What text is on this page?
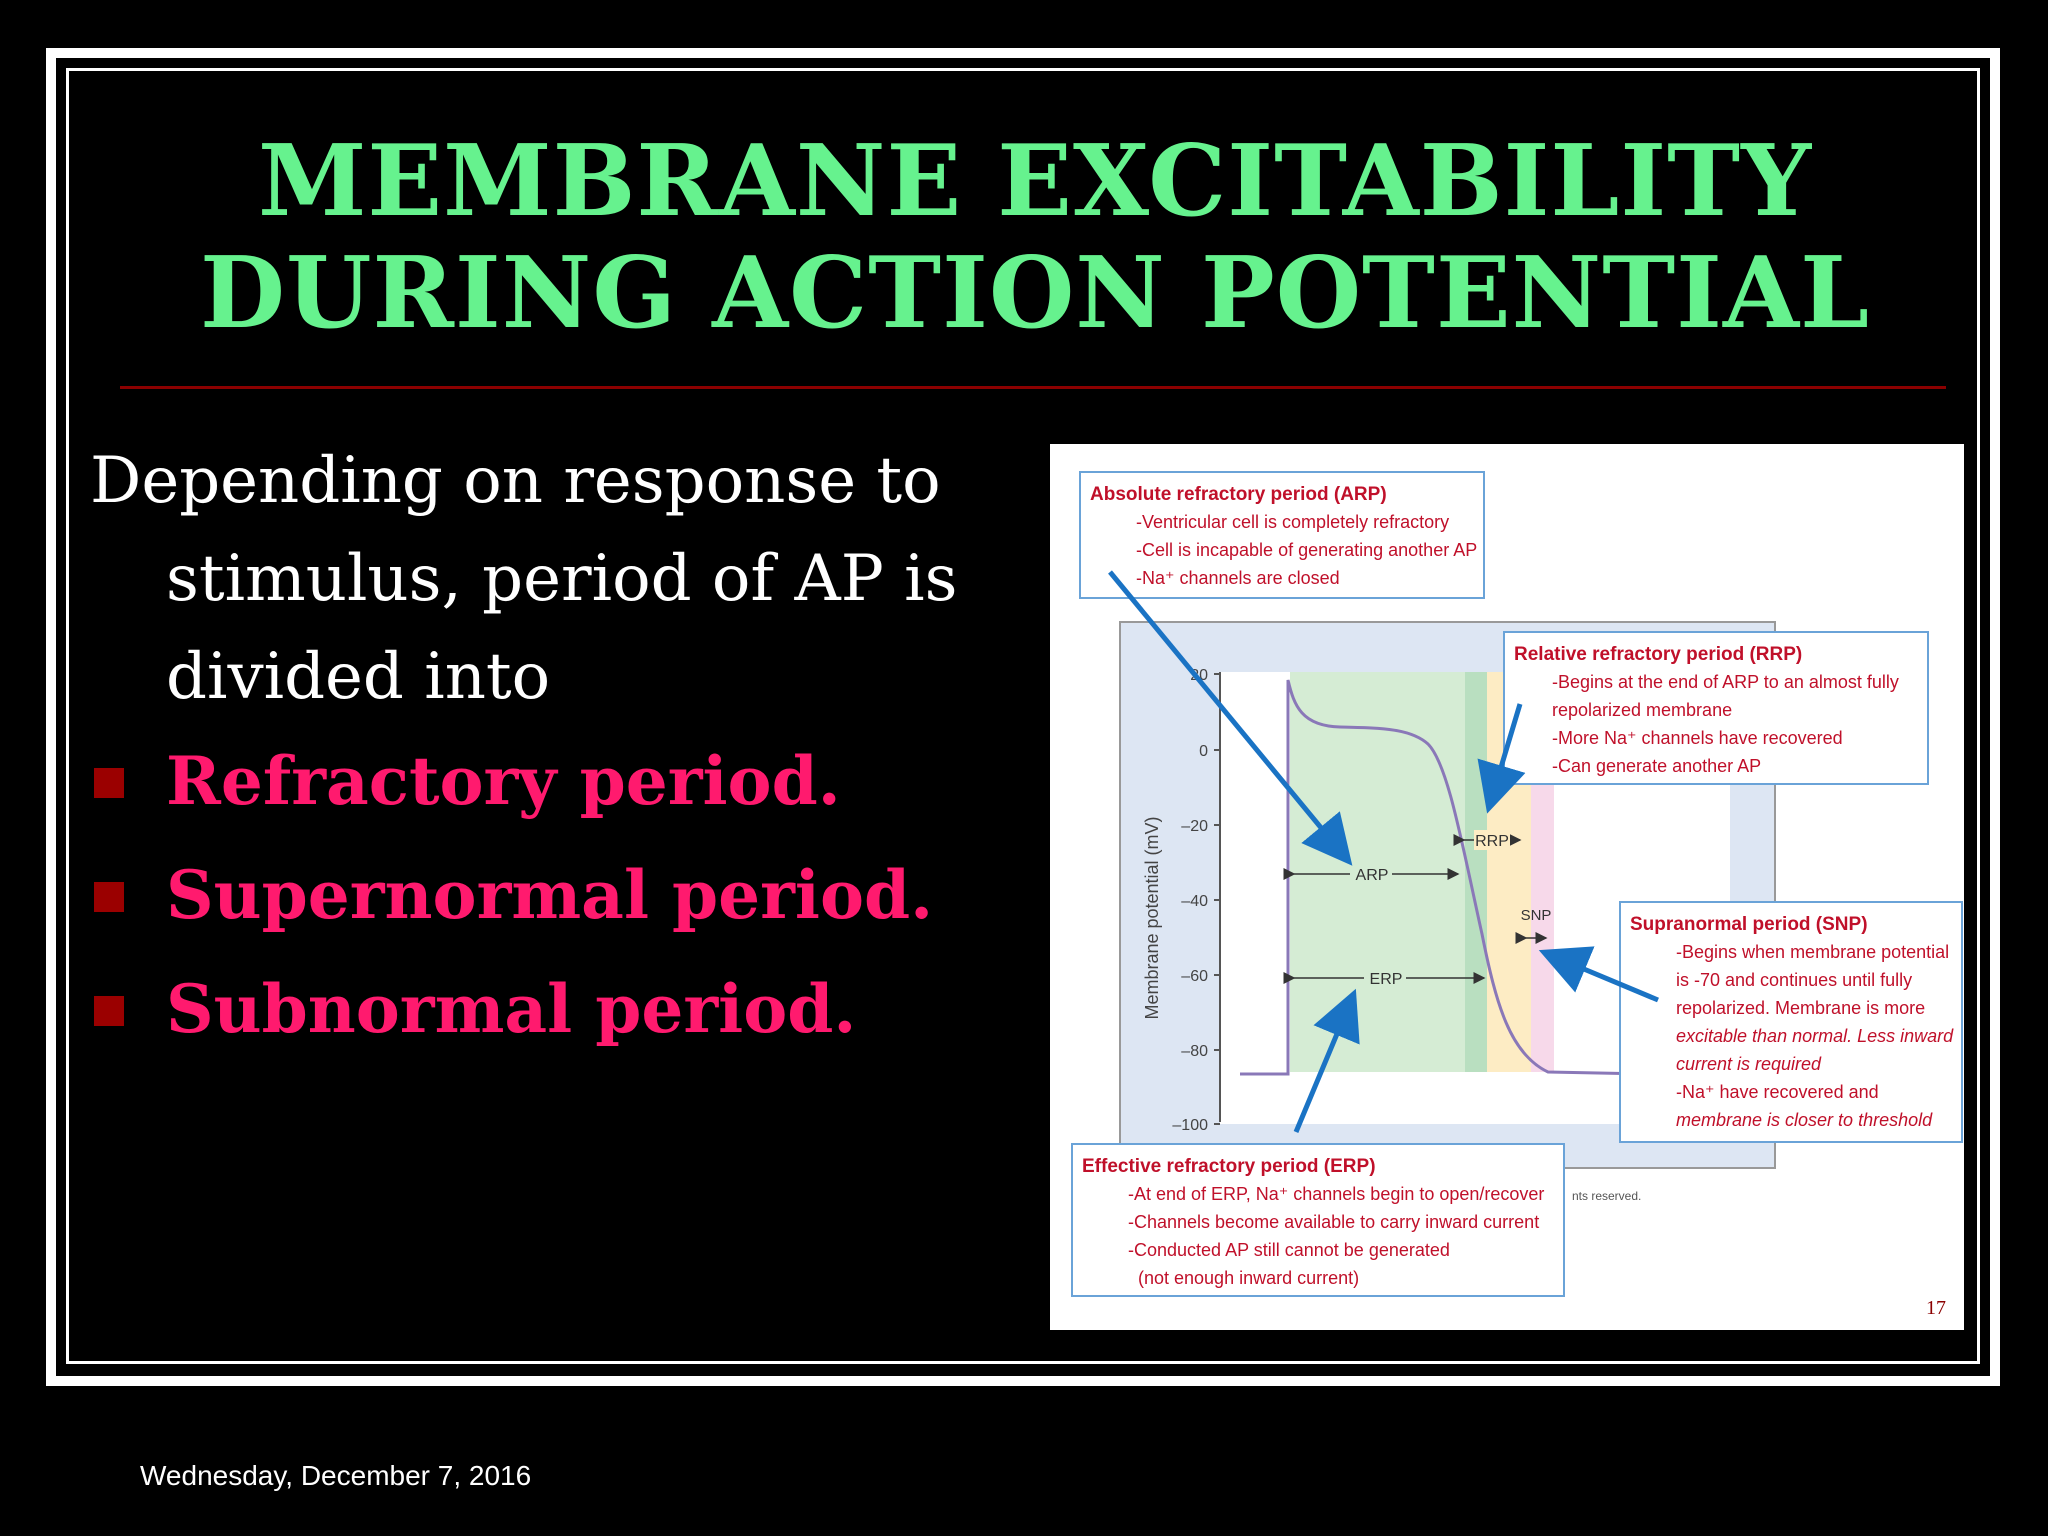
MEMBRANE EXCITABILITY
DURING ACTION POTENTIAL

Depending on response to stimulus, period of AP is divided into

Refractory period.
Supernormal period.
Subnormal period.	Membrane potential (mV)
20
0
–20
–40
–60
–80
–100
ARP
ERP
RRP
SNP
Absolute refractory period (ARP)
-Ventricular cell is completely refractory
-Cell is incapable of generating another AP
-Na⁺ channels are closed
Relative refractory period (RRP)
-Begins at the end of ARP to an almost fully
repolarized membrane
-More Na⁺ channels have recovered
-Can generate another AP
Supranormal period (SNP)
-Begins when membrane potential
is -70 and continues until fully
repolarized. Membrane is more
excitable than normal. Less inward
current is required
-Na⁺ have recovered and
membrane is closer to threshold
Effective refractory period (ERP)
-At end of ERP, Na⁺ channels begin to open/recover
-Channels become available to carry inward current
-Conducted AP still cannot be generated
(not enough inward current)
nts reserved.
17
Wednesday, December 7, 2016
